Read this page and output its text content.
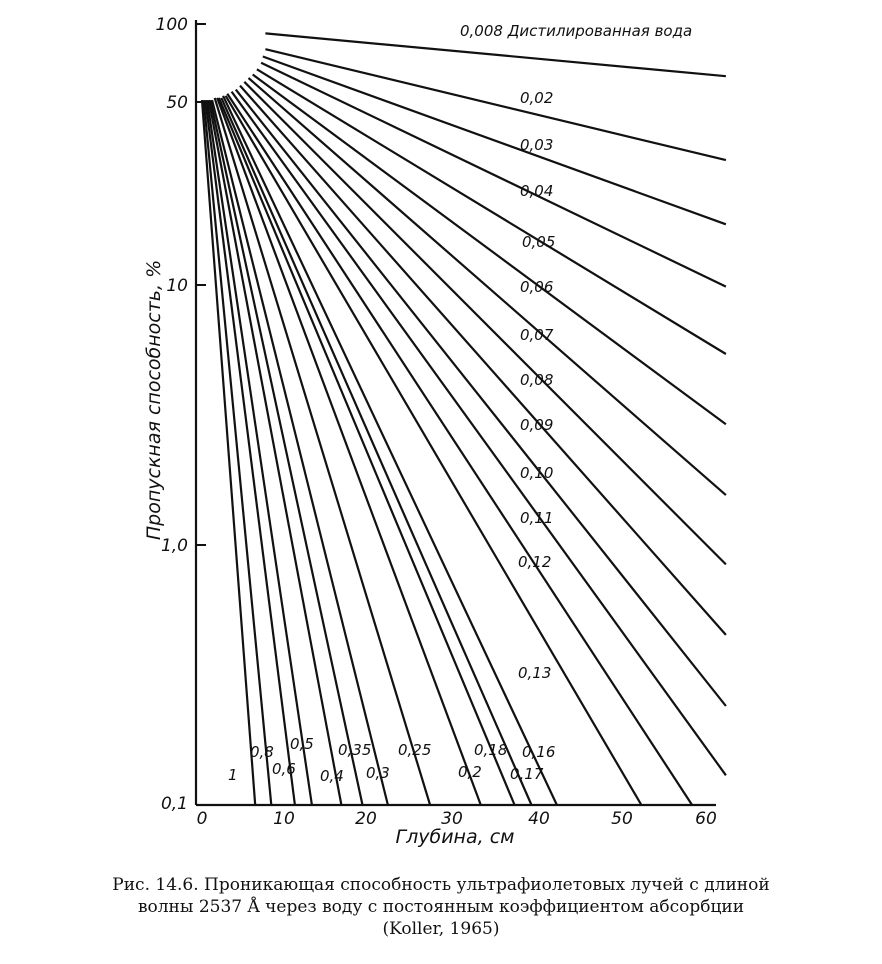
100
50
10
1,0
0,1
Пропускная способность, %
0	10	20	30	40	50	60
Глубина, см
0,008 Дистилированная вода
0,02
0,03
0,04
0,05
0,06
0,07
0,08
0,09
0,10
0,11
0,12
0,13
0,16
0,17
0,18
0,2
0,25
0,3
0,35
0,4
0,5
0,6
0,8
1

Рис. 14.6. Проникающая способность ультрафиолетовых лучей с длиной

волны 2537 Å через воду с постоянным коэффициентом абсорбции

(Koller, 1965)
